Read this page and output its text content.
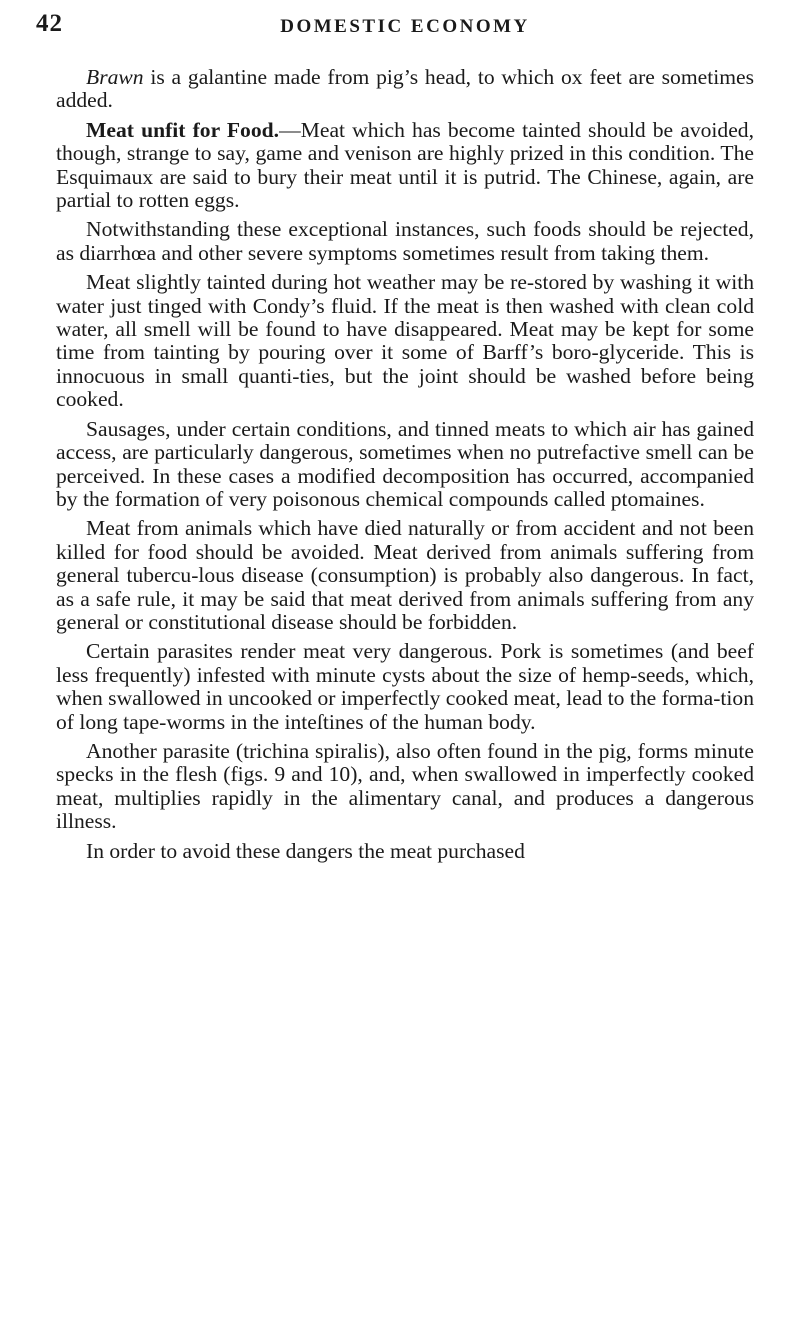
42	DOMESTIC ECONOMY

Brawn is a galantine made from pig’s head, to which ox feet are sometimes added.

Meat unfit for Food.—Meat which has become tainted should be avoided, though, strange to say, game and venison are highly prized in this condition. The Esquimaux are said to bury their meat until it is putrid. The Chinese, again, are partial to rotten eggs.

Notwithstanding these exceptional instances, such foods should be rejected, as diarrhœa and other severe symptoms sometimes result from taking them.

Meat slightly tainted during hot weather may be re-stored by washing it with water just tinged with Condy’s fluid. If the meat is then washed with clean cold water, all smell will be found to have disappeared. Meat may be kept for some time from tainting by pouring over it some of Barff’s boro-glyceride. This is innocuous in small quanti-ties, but the joint should be washed before being cooked.

Sausages, under certain conditions, and tinned meats to which air has gained access, are particularly dangerous, sometimes when no putrefactive smell can be perceived. In these cases a modified decomposition has occurred, accompanied by the formation of very poisonous chemical compounds called ptomaines.

Meat from animals which have died naturally or from accident and not been killed for food should be avoided. Meat derived from animals suffering from general tubercu-lous disease (consumption) is probably also dangerous. In fact, as a safe rule, it may be said that meat derived from animals suffering from any general or constitutional disease should be forbidden.

Certain parasites render meat very dangerous. Pork is sometimes (and beef less frequently) infested with minute cysts about the size of hemp-seeds, which, when swallowed in uncooked or imperfectly cooked meat, lead to the forma-tion of long tape-worms in the inteſtines of the human body.

Another parasite (trichina spiralis), also often found in the pig, forms minute specks in the flesh (figs. 9 and 10), and, when swallowed in imperfectly cooked meat, multiplies rapidly in the alimentary canal, and produces a dangerous illness.

In order to avoid these dangers the meat purchased
